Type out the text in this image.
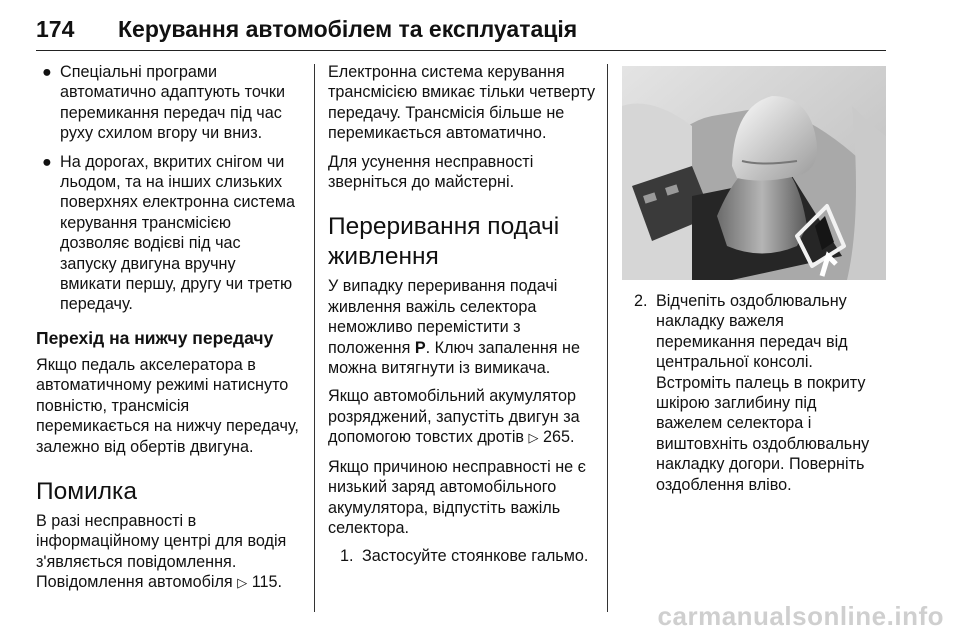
174 Керування автомобілем та експлуатація
● Спеціальні програми автоматично адаптують точки перемикання передач під час руху схилом вгору чи вниз.
● На дорогах, вкритих снігом чи льодом, та на інших слизьких поверхнях електронна система керування трансмісією дозволяє водієві під час запуску двигуна вручну вмикати першу, другу чи третю передачу.
Перехід на нижчу передачу

Якщо педаль акселератора в автоматичному режимі натиснуто повністю, трансмісія перемикається на нижчу передачу, залежно від обертів двигуна.

Помилка

В разі несправності в інформаційному центрі для водія з'являється повідомлення. Повідомлення автомобіля ▷ 115.

Електронна система керування трансмісією вмикає тільки четверту передачу. Трансмісія більше не перемикається автоматично.

Для усунення несправності зверніться до майстерні.

Переривання подачі живлення

У випадку переривання подачі живлення важіль селектора неможливо перемістити з положення P. Ключ запалення не можна витягнути із вимикача.

Якщо автомобільний акумулятор розряджений, запустіть двигун за допомогою товстих дротів ▷ 265.

Якщо причиною несправності не є низький заряд автомобільного акумулятора, відпустіть важіль селектора.

1. Застосуйте стоянкове гальмо.
2. Відчепіть оздоблювальну накладку важеля перемикання передач від центральної консолі. Встроміть палець в покриту шкірою заглибину під важелем селектора і виштовхніть оздоблювальну накладку догори. Поверніть оздоблення вліво.
carmanualsonline.info
